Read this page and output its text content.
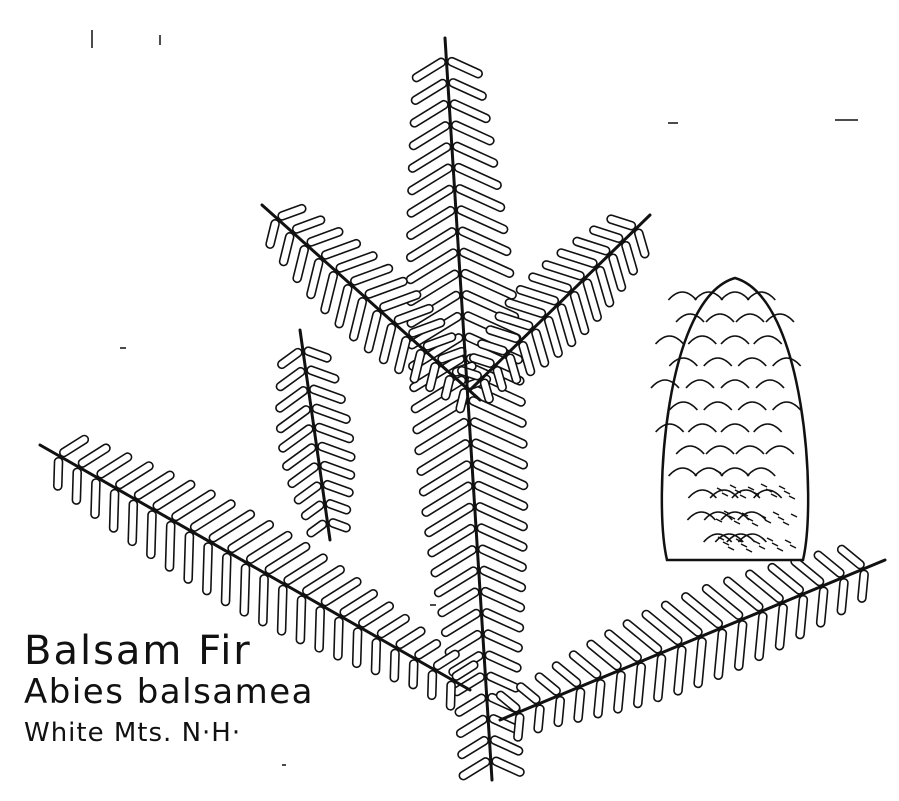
Balsam Fir
Abies balsamea
White Mts. N·H·
